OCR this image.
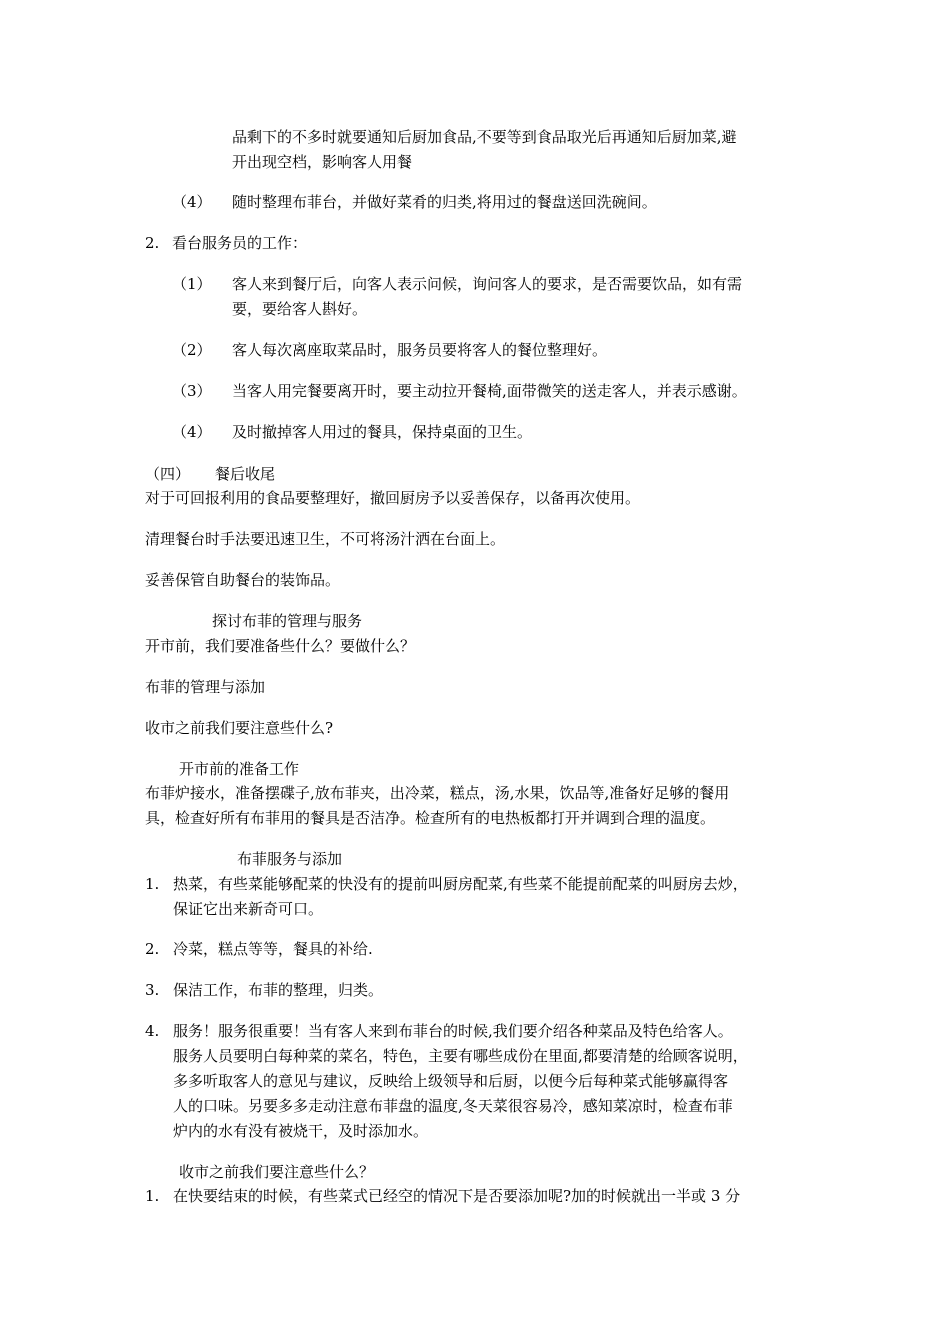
品剩下的不多时就要通知后厨加食品,不要等到食品取光后再通知后厨加菜,避
开出现空档，影响客人用餐
（4） 随时整理布菲台，并做好菜肴的归类,将用过的餐盘送回洗碗间。
2. 看台服务员的工作：
（1） 客人来到餐厅后，向客人表示问候，询问客人的要求，是否需要饮品，如有需
要，要给客人斟好。
（2） 客人每次离座取菜品时，服务员要将客人的餐位整理好。
（3） 当客人用完餐要离开时，要主动拉开餐椅,面带微笑的送走客人，并表示感谢。
（4） 及时撤掉客人用过的餐具，保持桌面的卫生。
（四） 餐后收尾
对于可回报利用的食品要整理好，撤回厨房予以妥善保存，以备再次使用。
清理餐台时手法要迅速卫生，不可将汤汁洒在台面上。
妥善保管自助餐台的装饰品。
探讨布菲的管理与服务
开市前，我们要准备些什么？要做什么？
布菲的管理与添加
收市之前我们要注意些什么?
开市前的准备工作
布菲炉接水，准备摆碟子,放布菲夹，出冷菜，糕点，汤,水果，饮品等,准备好足够的餐用
具，检查好所有布菲用的餐具是否洁净。检查所有的电热板都打开并调到合理的温度。
布菲服务与添加
1. 热菜，有些菜能够配菜的快没有的提前叫厨房配菜,有些菜不能提前配菜的叫厨房去炒，
保证它出来新奇可口。
2. 冷菜，糕点等等，餐具的补给.
3. 保洁工作，布菲的整理，归类。
4. 服务！服务很重要！当有客人来到布菲台的时候,我们要介绍各种菜品及特色给客人。
服务人员要明白每种菜的菜名，特色，主要有哪些成份在里面,都要清楚的给顾客说明，
多多听取客人的意见与建议，反映给上级领导和后厨，以便今后每种菜式能够赢得客
人的口味。另要多多走动注意布菲盘的温度,冬天菜很容易冷，感知菜凉时，检查布菲
炉内的水有没有被烧干，及时添加水。
收市之前我们要注意些什么？
1. 在快要结束的时候，有些菜式已经空的情况下是否要添加呢?加的时候就出一半或 3 分
